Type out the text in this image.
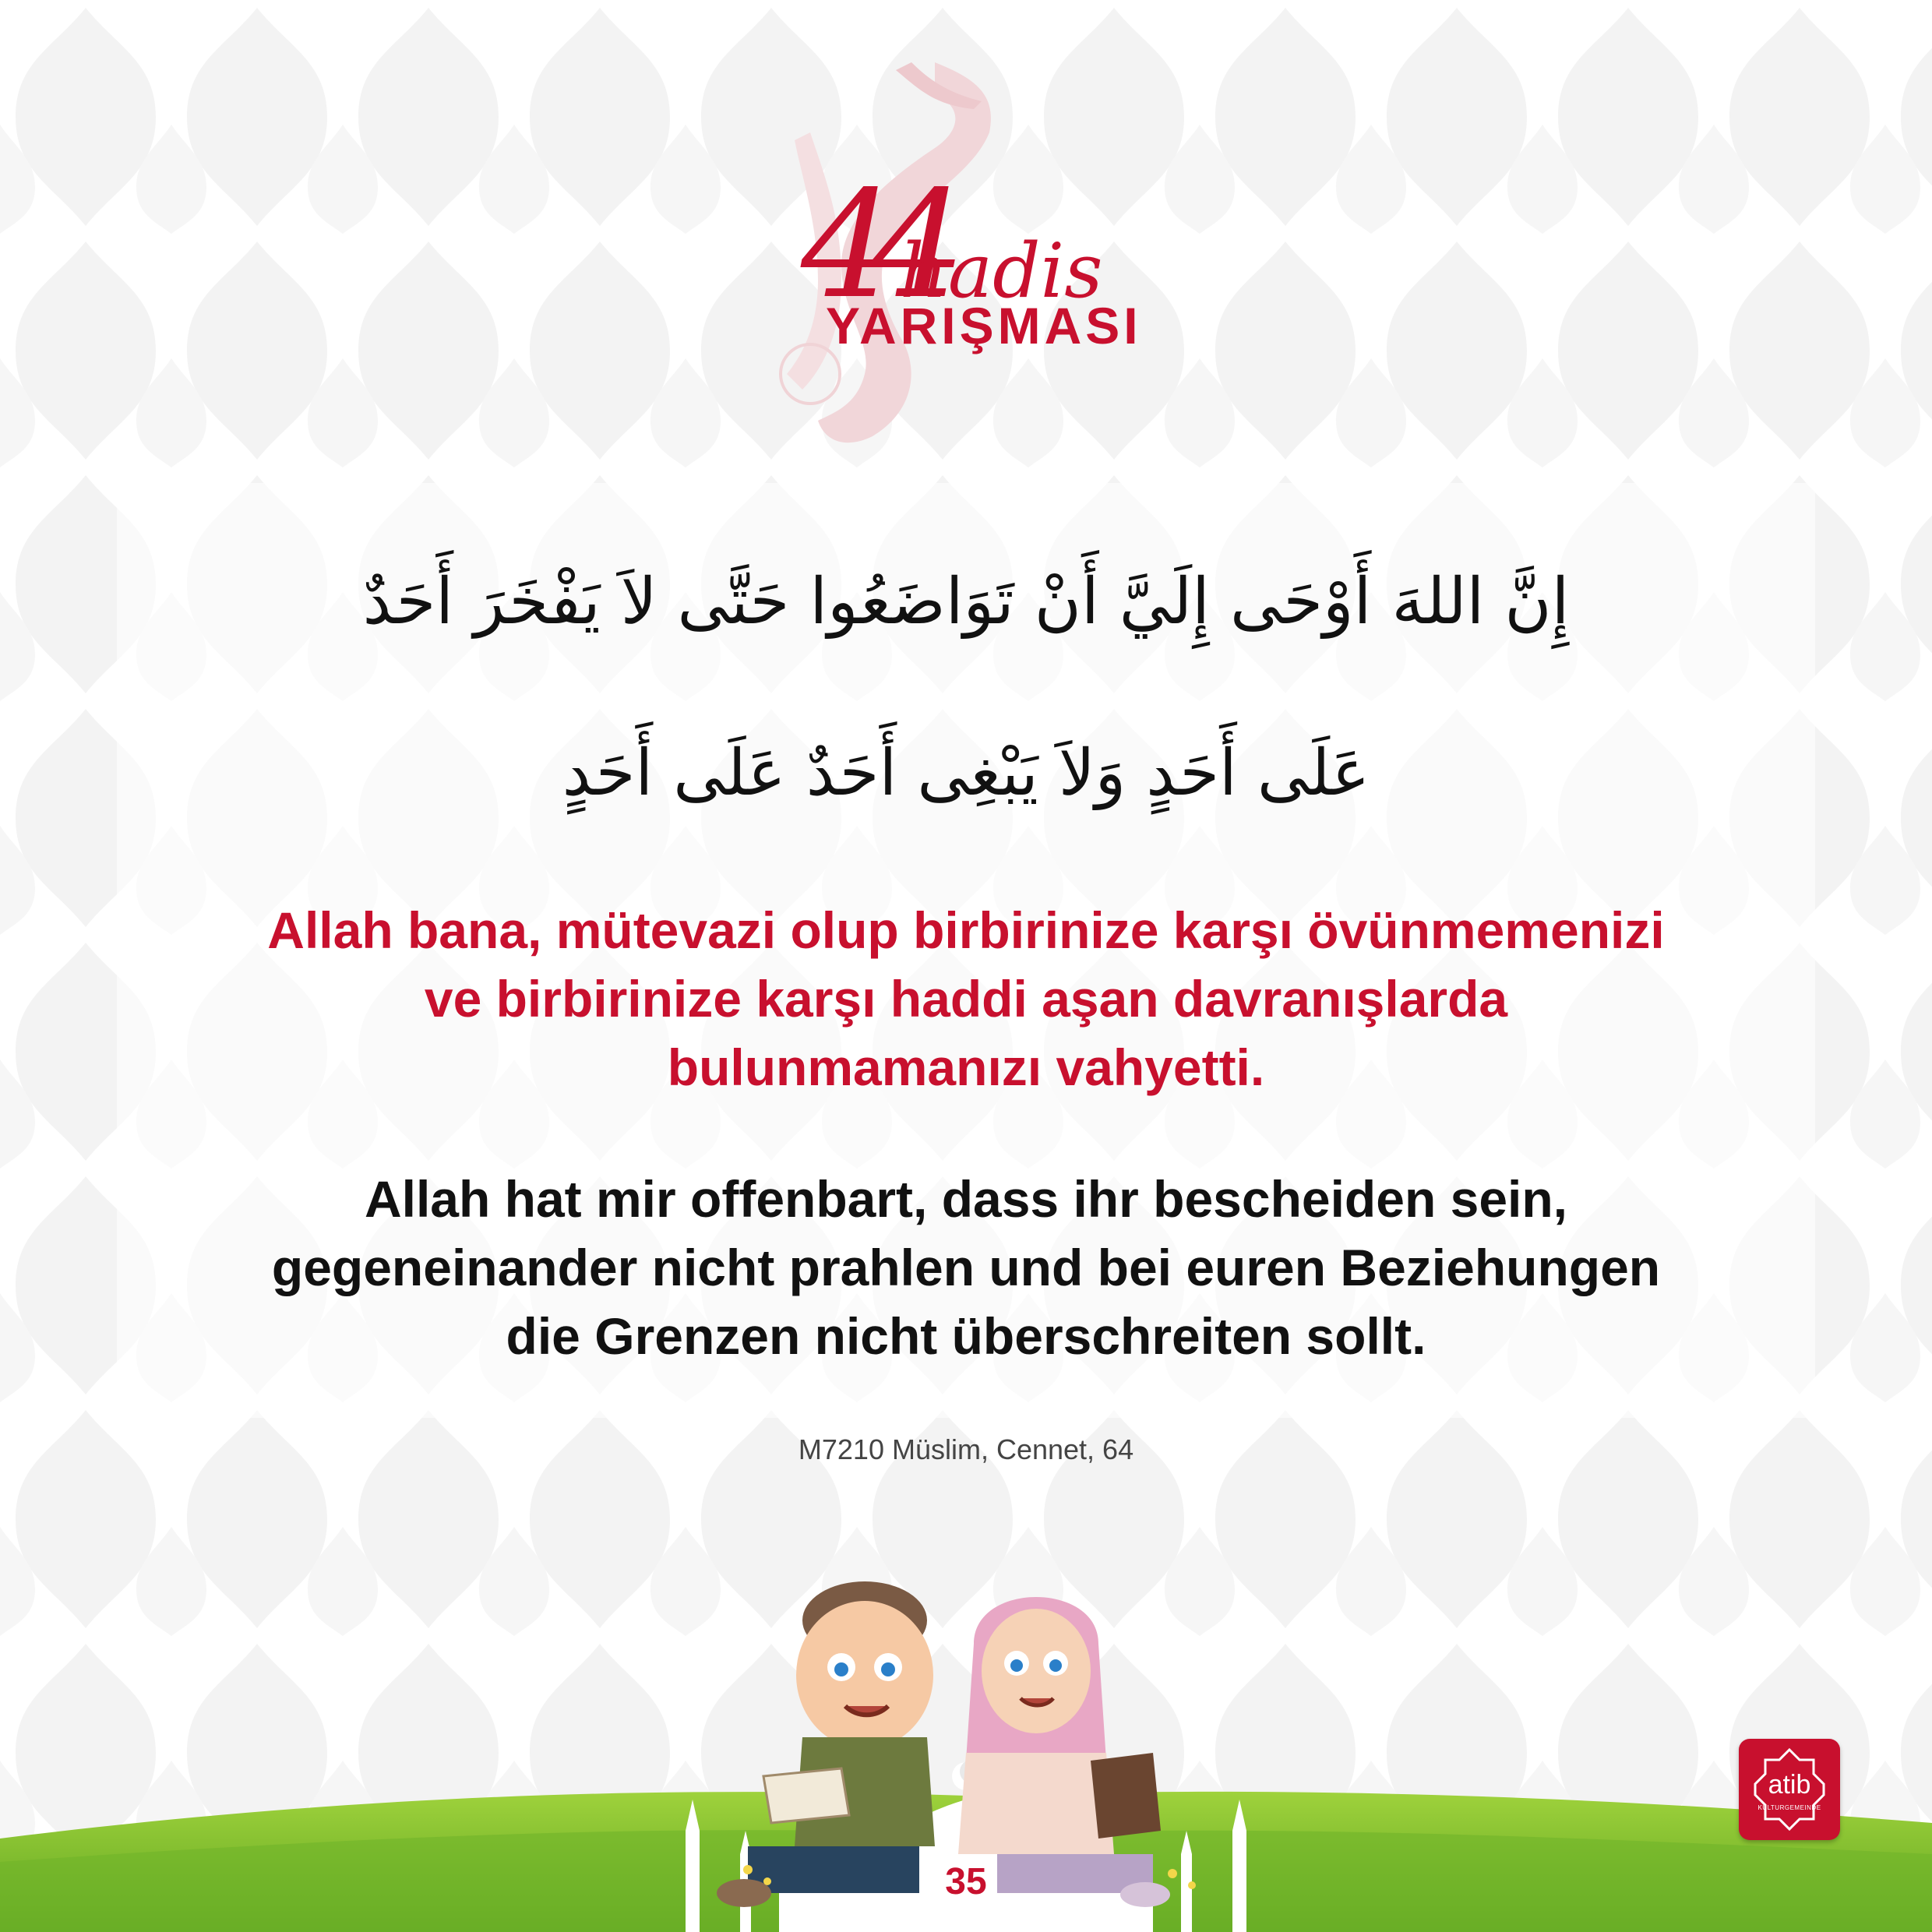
44
hadis
YARIŞMASI
إِنَّ اللهَ أَوْحَى إِلَيَّ أَنْ تَوَاضَعُوا حَتَّى لاَ يَفْخَرَ أَحَدٌ
عَلَى أَحَدٍ وَلاَ يَبْغِى أَحَدٌ عَلَى أَحَدٍ
Allah bana, mütevazi olup birbirinize karşı övünmemenizi
ve birbirinize karşı haddi aşan davranışlarda
bulunmamanızı vahyetti.
Allah hat mir offenbart, dass ihr bescheiden sein,
gegeneinander nicht prahlen und bei euren Beziehungen
die Grenzen nicht überschreiten sollt.
M7210 Müslim, Cennet, 64
35
atib
KULTURGEMEINDE
